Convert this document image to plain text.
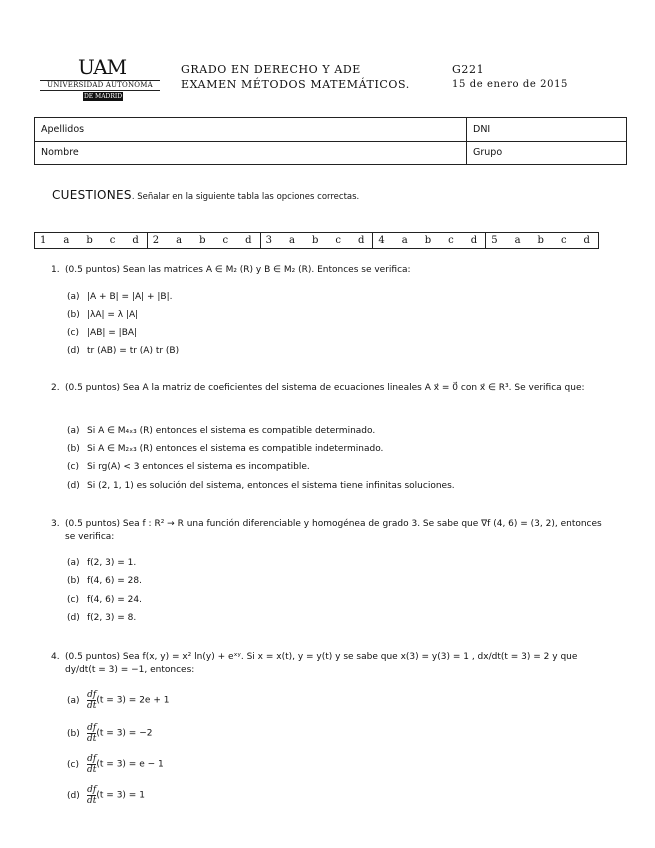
UAM
UNIVERSIDAD AUTONOMA
DE MADRID
GRADO EN DERECHO Y ADE
EXAMEN MÉTODOS MATEMÁTICOS.
G221
15 de enero de 2015
Apellidos	DNI
Nombre	Grupo
CUESTIONES. Señalar en la siguiente tabla las opciones correctas.
1 a b c d 2 a b c d 3 a b c d 4 a b c d 5 a b c d
1. (0.5 puntos) Sean las matrices A ∈ M₂ (R) y B ∈ M₂ (R). Entonces se verifica:
(a) |A + B| = |A| + |B|.
(b) |λA| = λ |A|
(c) |AB| = |BA|
(d) tr (AB) = tr (A) tr (B)
2. (0.5 puntos) Sea A la matriz de coeficientes del sistema de ecuaciones lineales A x⃗ = 0⃗ con x⃗ ∈ R³. Se verifica que:
(a) Si A ∈ M₄ₓ₃ (R) entonces el sistema es compatible determinado.
(b) Si A ∈ M₂ₓ₃ (R) entonces el sistema es compatible indeterminado.
(c) Si rg(A) < 3 entonces el sistema es incompatible.
(d) Si (2, 1, 1) es solución del sistema, entonces el sistema tiene infinitas soluciones.
3. (0.5 puntos) Sea f : R² → R una función diferenciable y homogénea de grado 3. Se sabe que ∇f (4, 6) = (3, 2), entonces se verifica:
(a) f(2, 3) = 1.
(b) f(4, 6) = 28.
(c) f(4, 6) = 24.
(d) f(2, 3) = 8.
4. (0.5 puntos) Sea f(x, y) = x² ln(y) + eˣʸ. Si x = x(t), y = y(t) y se sabe que x(3) = y(3) = 1 , dx/dt(t = 3) = 2 y que dy/dt(t = 3) = −1, entonces:
$(a) \frac{df}{dt} (t = 3) = 2e + 1$
$(b) \frac{df}{dt} (t = 3) = -2$
$(c) \frac{df}{dt} (t = 3) = e - 1$
$(d) \frac{df}{dt} (t = 3) = 1$
